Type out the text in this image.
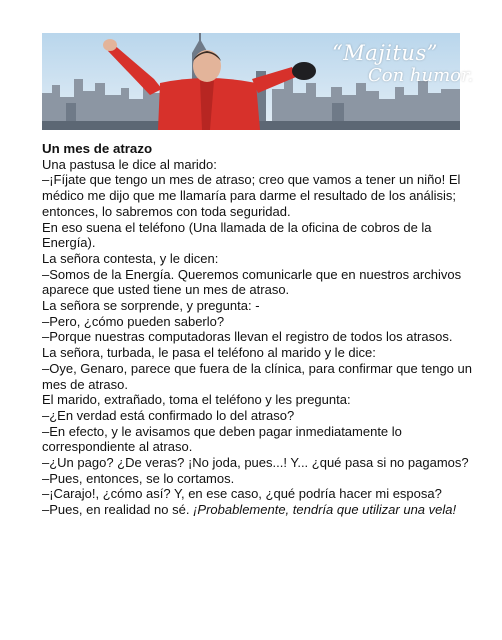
“Majitus”
Con humor.
Un mes de atrazo

Una pastusa le dice al marido:

–¡Fíjate que tengo un mes de atraso; creo que vamos a tener un niño! El médico me dijo que me llamaría para darme el resultado de los análisis; entonces, lo sabremos con toda seguridad.

En eso suena el teléfono (Una llamada de la oficina de cobros de la Energía).

La señora contesta, y le dicen:

–Somos de la Energía. Queremos comunicarle que en nuestros archivos aparece que usted tiene un mes de atraso.

La señora se sorprende, y pregunta: -

–Pero, ¿cómo pueden saberlo?

–Porque nuestras computadoras llevan el registro de todos los atrasos.

La señora, turbada, le pasa el teléfono al marido y le dice:

–Oye, Genaro, parece que fuera de la clínica, para confirmar que tengo un mes de atraso.

El marido, extrañado, toma el teléfono y les pregunta:

–¿En verdad está confirmado lo del atraso?

–En efecto, y le avisamos que deben pagar inmediatamente lo correspondiente al atraso.

–¿Un pago? ¿De veras? ¡No joda, pues...! Y... ¿qué pasa si no pagamos?

–Pues, entonces, se lo cortamos.

–¡Carajo!, ¿cómo así? Y, en ese caso, ¿qué podría hacer mi esposa?

–Pues, en realidad no sé. ¡Probablemente, tendría que utilizar una vela!
